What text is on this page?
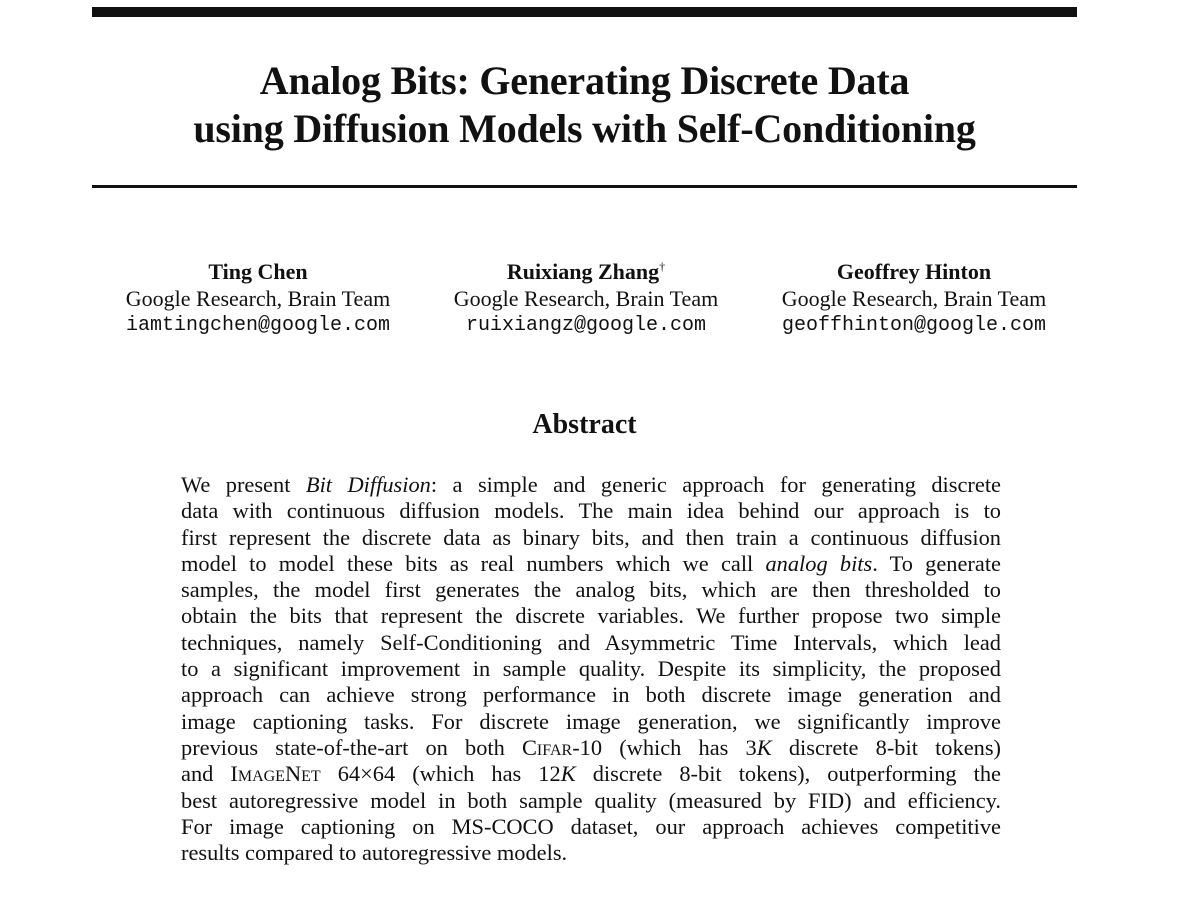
Analog Bits: Generating Discrete Data
using Diffusion Models with Self-Conditioning
Ting Chen
Google Research, Brain Team
iamtingchen@google.com
Ruixiang Zhang†
Google Research, Brain Team
ruixiangz@google.com
Geoffrey Hinton
Google Research, Brain Team
geoffhinton@google.com
Abstract
We present Bit Diffusion: a simple and generic approach for generating discrete
data with continuous diffusion models. The main idea behind our approach is to
first represent the discrete data as binary bits, and then train a continuous diffusion
model to model these bits as real numbers which we call analog bits. To generate
samples, the model first generates the analog bits, which are then thresholded to
obtain the bits that represent the discrete variables. We further propose two simple
techniques, namely Self-Conditioning and Asymmetric Time Intervals, which lead
to a significant improvement in sample quality. Despite its simplicity, the proposed
approach can achieve strong performance in both discrete image generation and
image captioning tasks. For discrete image generation, we significantly improve
previous state-of-the-art on both Cifar-10 (which has 3K discrete 8-bit tokens)
and ImageNet 64×64 (which has 12K discrete 8-bit tokens), outperforming the
best autoregressive model in both sample quality (measured by FID) and efficiency.
For image captioning on MS-COCO dataset, our approach achieves competitive
results compared to autoregressive models.
